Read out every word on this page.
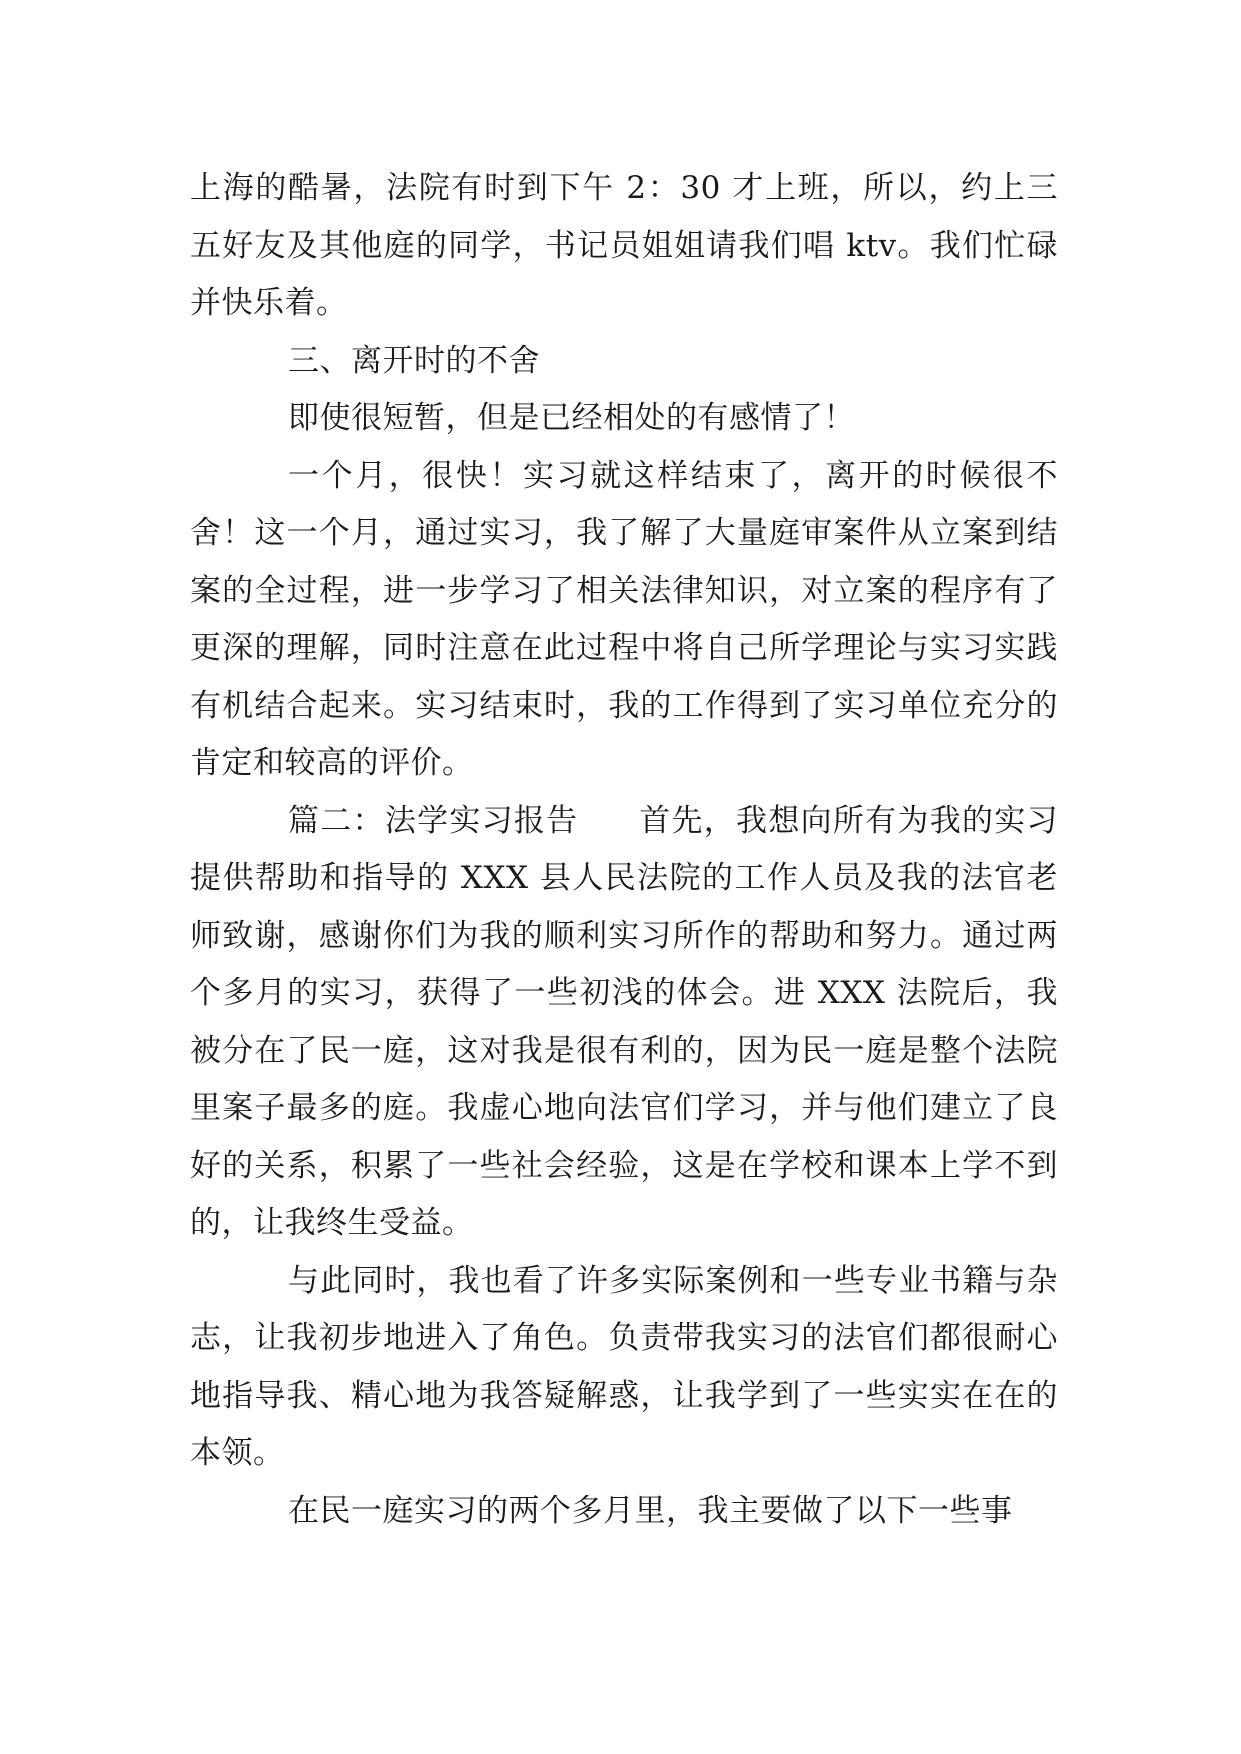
上海的酷暑，法院有时到下午 2：30 才上班，所以，约上三五好友及其他庭的同学，书记员姐姐请我们唱 ktv。我们忙碌并快乐着。

三、离开时的不舍

即使很短暂，但是已经相处的有感情了！

一个月，很快！实习就这样结束了，离开的时候很不舍！这一个月，通过实习，我了解了大量庭审案件从立案到结案的全过程，进一步学习了相关法律知识，对立案的程序有了更深的理解，同时注意在此过程中将自己所学理论与实习实践有机结合起来。实习结束时，我的工作得到了实习单位充分的肯定和较高的评价。

篇二：法学实习报告 首先，我想向所有为我的实习提供帮助和指导的 XXX 县人民法院的工作人员及我的法官老师致谢，感谢你们为我的顺利实习所作的帮助和努力。通过两个多月的实习，获得了一些初浅的体会。进 XXX 法院后，我被分在了民一庭，这对我是很有利的，因为民一庭是整个法院里案子最多的庭。我虚心地向法官们学习，并与他们建立了良好的关系，积累了一些社会经验，这是在学校和课本上学不到的，让我终生受益。

与此同时，我也看了许多实际案例和一些专业书籍与杂志，让我初步地进入了角色。负责带我实习的法官们都很耐心地指导我、精心地为我答疑解惑，让我学到了一些实实在在的本领。

在民一庭实习的两个多月里，我主要做了以下一些事
